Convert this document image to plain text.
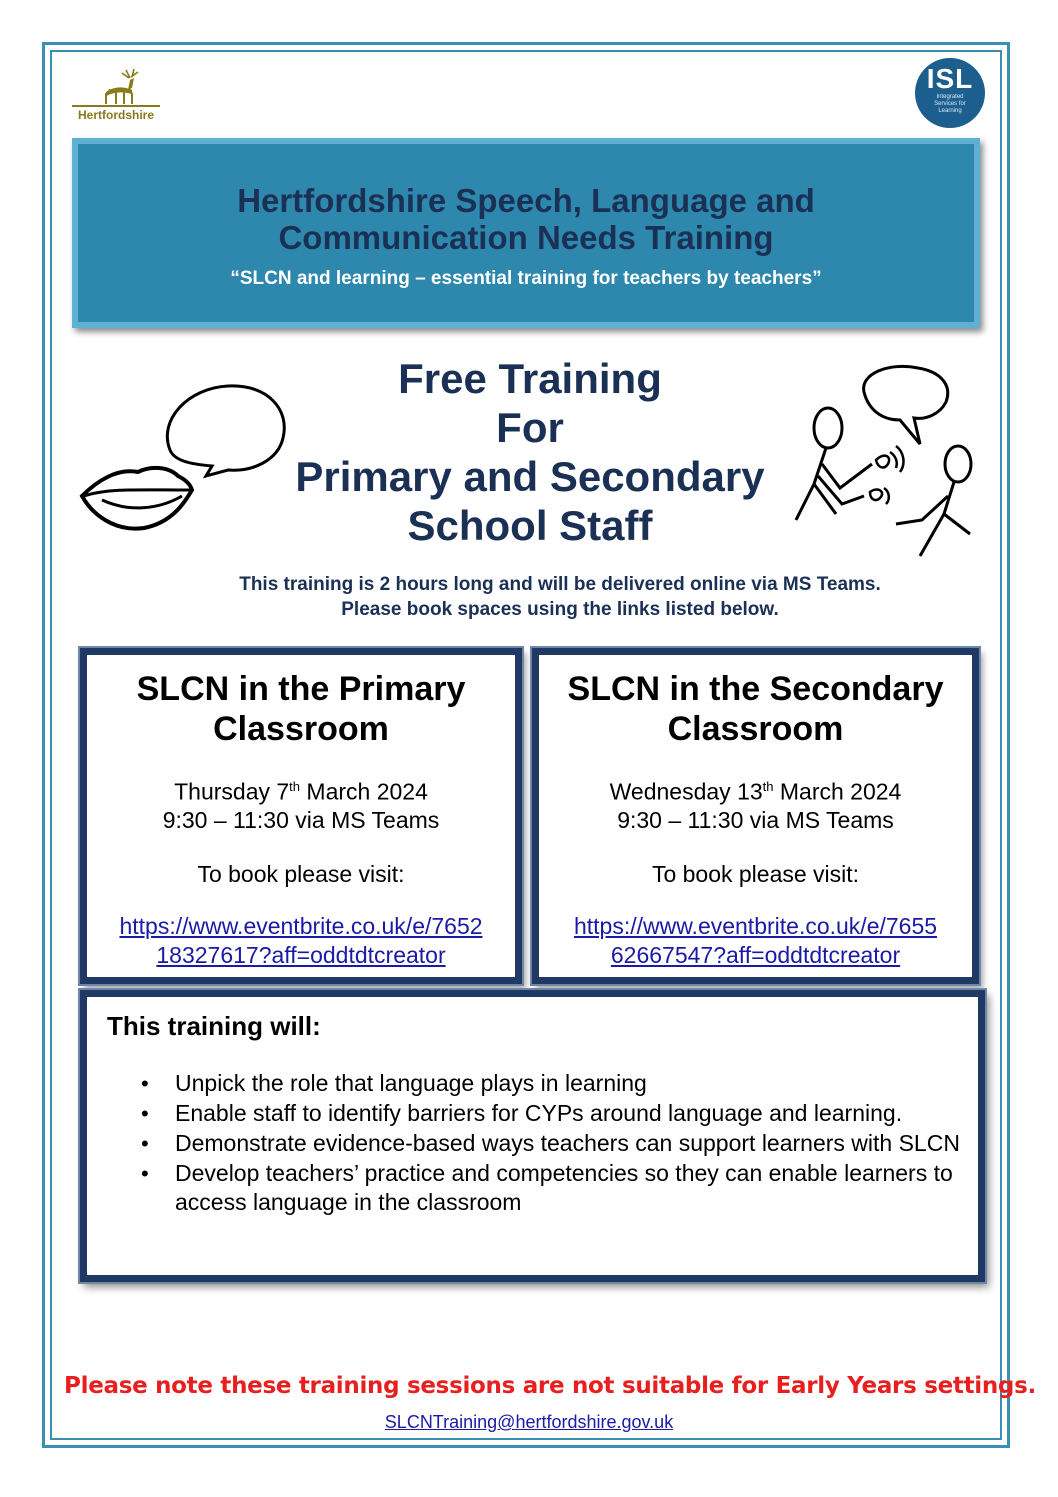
Hertfordshire
ISL
Integrated Services for Learning
Hertfordshire Speech, Language and
Communication Needs Training
“SLCN and learning – essential training for teachers by teachers”
Free Training
For
Primary and Secondary
School Staff
This training is 2 hours long and will be delivered online via MS Teams.
Please book spaces using the links listed below.
SLCN in the Primary
Classroom
Thursday 7th March 2024
9:30 – 11:30 via MS Teams
To book please visit:
https://www.eventbrite.co.uk/e/7652
18327617?aff=oddtdtcreator
SLCN in the Secondary
Classroom
Wednesday 13th March 2024
9:30 – 11:30 via MS Teams
To book please visit:
https://www.eventbrite.co.uk/e/7655
62667547?aff=oddtdtcreator
This training will:
• Unpick the role that language plays in learning
• Enable staff to identify barriers for CYPs around language and learning.
• Demonstrate evidence-based ways teachers can support learners with SLCN
• Develop teachers’ practice and competencies so they can enable learners to access language in the classroom
Please note these training sessions are not suitable for Early Years settings.
SLCNTraining@hertfordshire.gov.uk
